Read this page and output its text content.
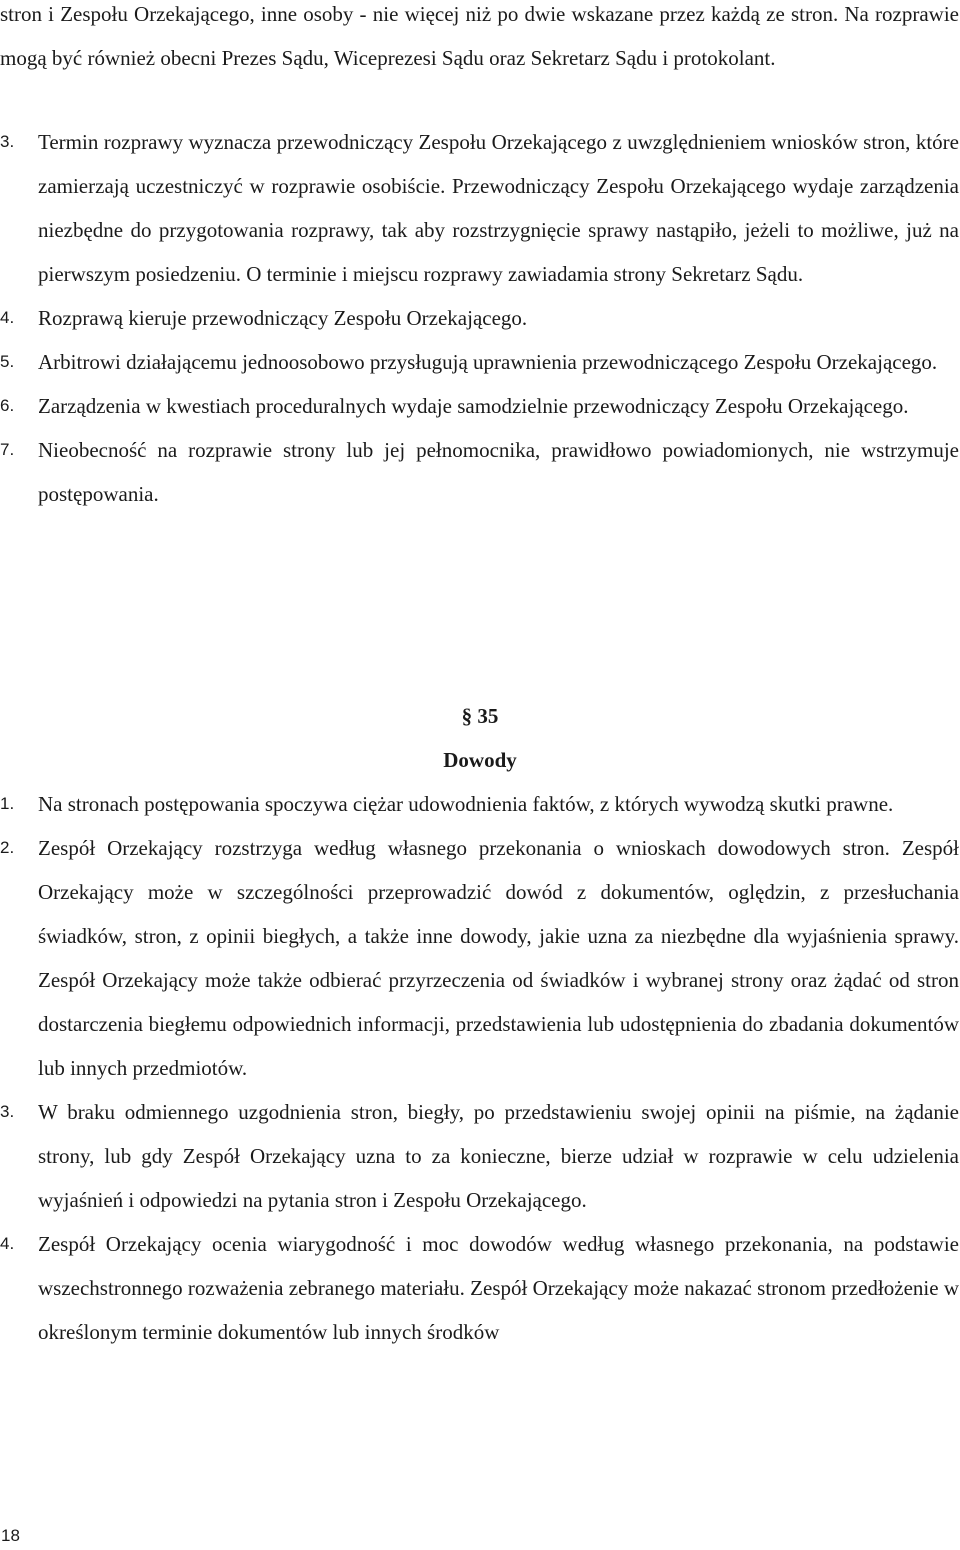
stron i Zespołu Orzekającego, inne osoby - nie więcej niż po dwie wskazane przez każdą ze stron. Na rozprawie mogą być również obecni Prezes Sądu, Wiceprezesi Sądu oraz Sekretarz Sądu i protokolant.
3.	Termin rozprawy wyznacza przewodniczący Zespołu Orzekającego z uwzględnieniem wniosków stron, które zamierzają uczestniczyć w rozprawie osobiście. Przewodniczący Zespołu Orzekającego wydaje zarządzenia niezbędne do przygotowania rozprawy, tak aby rozstrzygnięcie sprawy nastąpiło, jeżeli to możliwe, już na pierwszym posiedzeniu. O terminie i miejscu rozprawy zawiadamia strony Sekretarz Sądu.
4.	Rozprawą kieruje przewodniczący Zespołu Orzekającego.
5.	Arbitrowi działającemu jednoosobowo przysługują uprawnienia przewodniczącego Zespołu Orzekającego.
6.	Zarządzenia w kwestiach proceduralnych wydaje samodzielnie przewodniczący Zespołu Orzekającego.
7.	Nieobecność na rozprawie strony lub jej pełnomocnika, prawidłowo powiadomionych, nie wstrzymuje postępowania.
§ 35
Dowody
1.	Na stronach postępowania spoczywa ciężar udowodnienia faktów, z których wywodzą skutki prawne.
2.	Zespół Orzekający rozstrzyga według własnego przekonania o wnioskach dowodowych stron. Zespół Orzekający może w szczególności przeprowadzić dowód z dokumentów, oględzin, z przesłuchania świadków, stron, z opinii biegłych, a także inne dowody, jakie uzna za niezbędne dla wyjaśnienia sprawy. Zespół Orzekający może także odbierać przyrzeczenia od świadków i wybranej strony oraz żądać od stron dostarczenia biegłemu odpowiednich informacji, przedstawienia lub udostępnienia do zbadania dokumentów lub innych przedmiotów.
3.	W braku odmiennego uzgodnienia stron, biegły, po przedstawieniu swojej opinii na piśmie, na żądanie strony, lub gdy Zespół Orzekający uzna to za konieczne, bierze udział w rozprawie w celu udzielenia wyjaśnień i odpowiedzi na pytania stron i Zespołu Orzekającego.
4.	Zespół Orzekający ocenia wiarygodność i moc dowodów według własnego przekonania, na podstawie wszechstronnego rozważenia zebranego materiału. Zespół Orzekający może nakazać stronom przedłożenie w określonym terminie dokumentów lub innych środków
18
